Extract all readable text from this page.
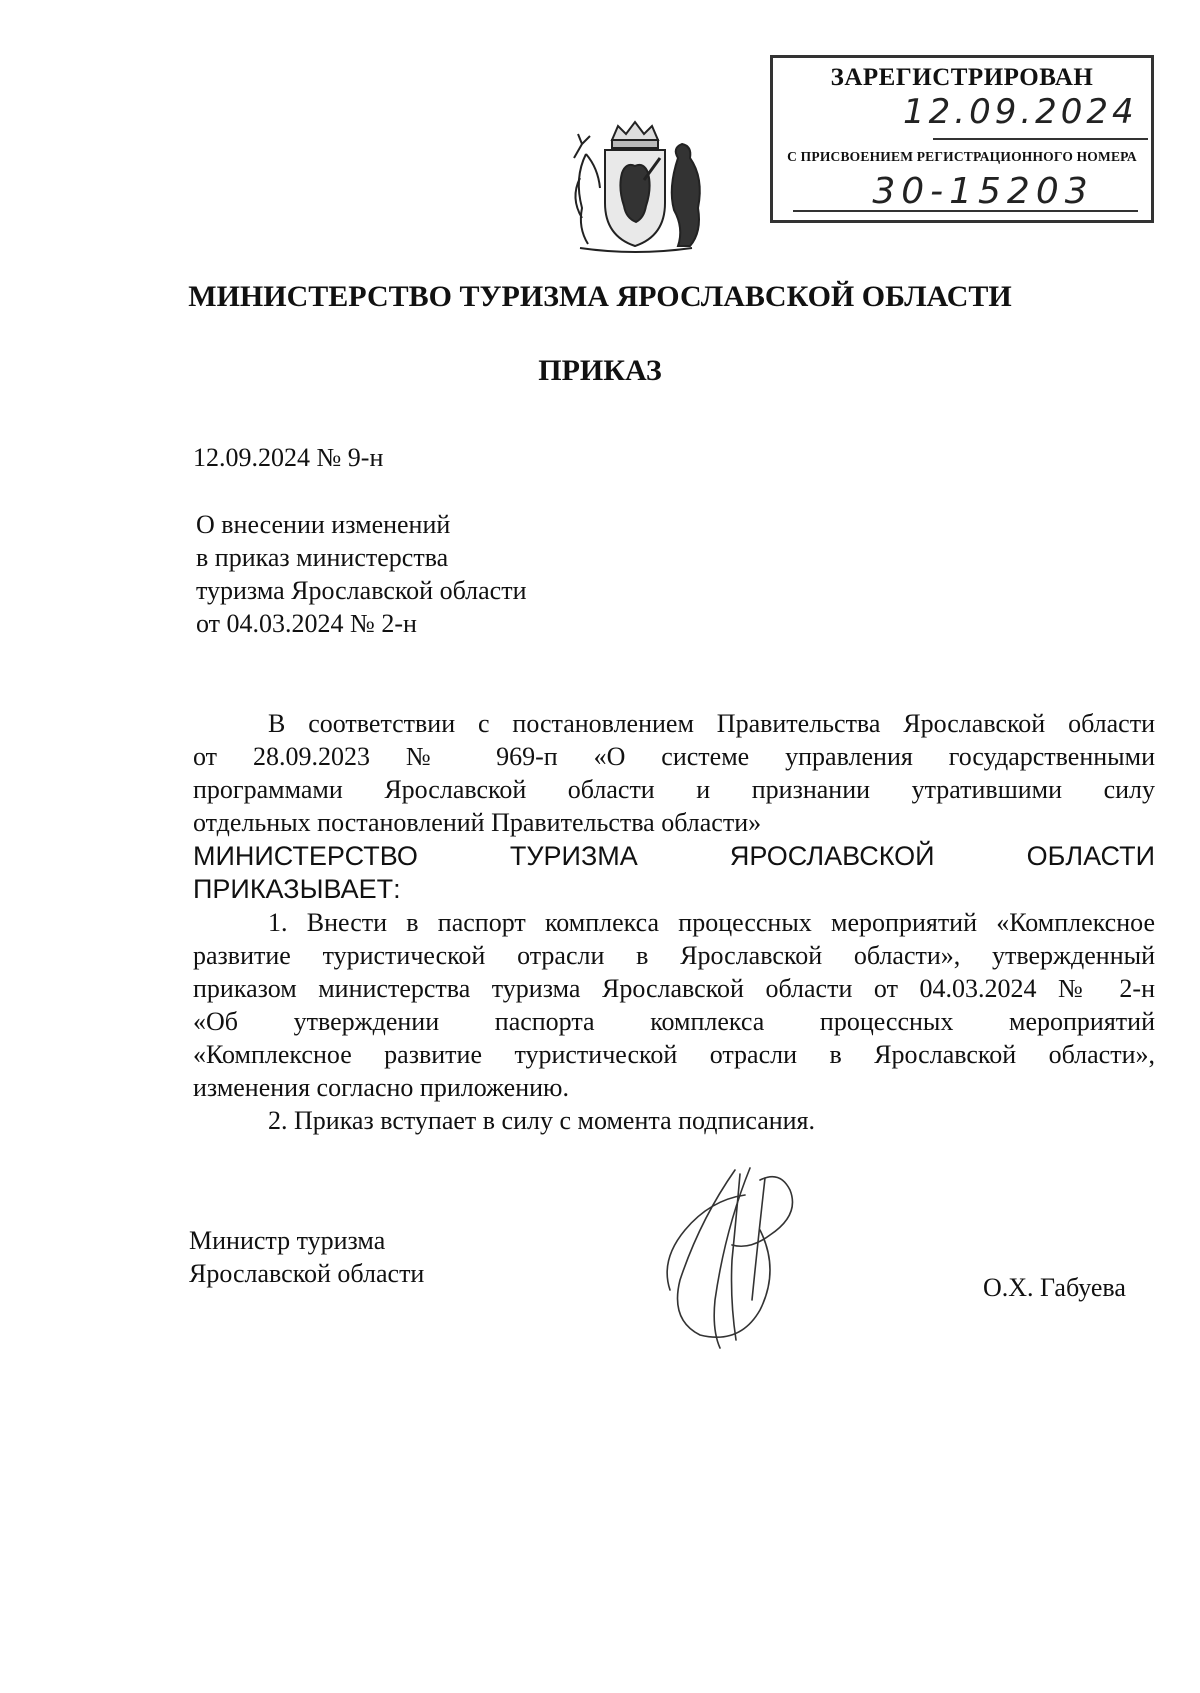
ЗАРЕГИСТРИРОВАН
12.09.2024
С ПРИСВОЕНИЕМ РЕГИСТРАЦИОННОГО НОМЕРА
30-15203
МИНИСТЕРСТВО ТУРИЗМА ЯРОСЛАВСКОЙ ОБЛАСТИ
ПРИКАЗ
12.09.2024 № 9-н
О внесении изменений
в приказ министерства
туризма Ярославской области
от 04.03.2024 № 2-н
В соответствии с постановлением Правительства Ярославской области
от 28.09.2023 № 969-п «О системе управления государственными
программами Ярославской области и признании утратившими силу
отдельных постановлений Правительства области»
МИНИСТЕРСТВО ТУРИЗМА ЯРОСЛАВСКОЙ ОБЛАСТИ
ПРИКАЗЫВАЕТ:
1. Внести в паспорт комплекса процессных мероприятий «Комплексное
развитие туристической отрасли в Ярославской области», утвержденный
приказом министерства туризма Ярославской области от 04.03.2024 № 2-н
«Об утверждении паспорта комплекса процессных мероприятий
«Комплексное развитие туристической отрасли в Ярославской области»,
изменения согласно приложению.
2. Приказ вступает в силу с момента подписания.
Министр туризма
Ярославской области	О.Х. Габуева
